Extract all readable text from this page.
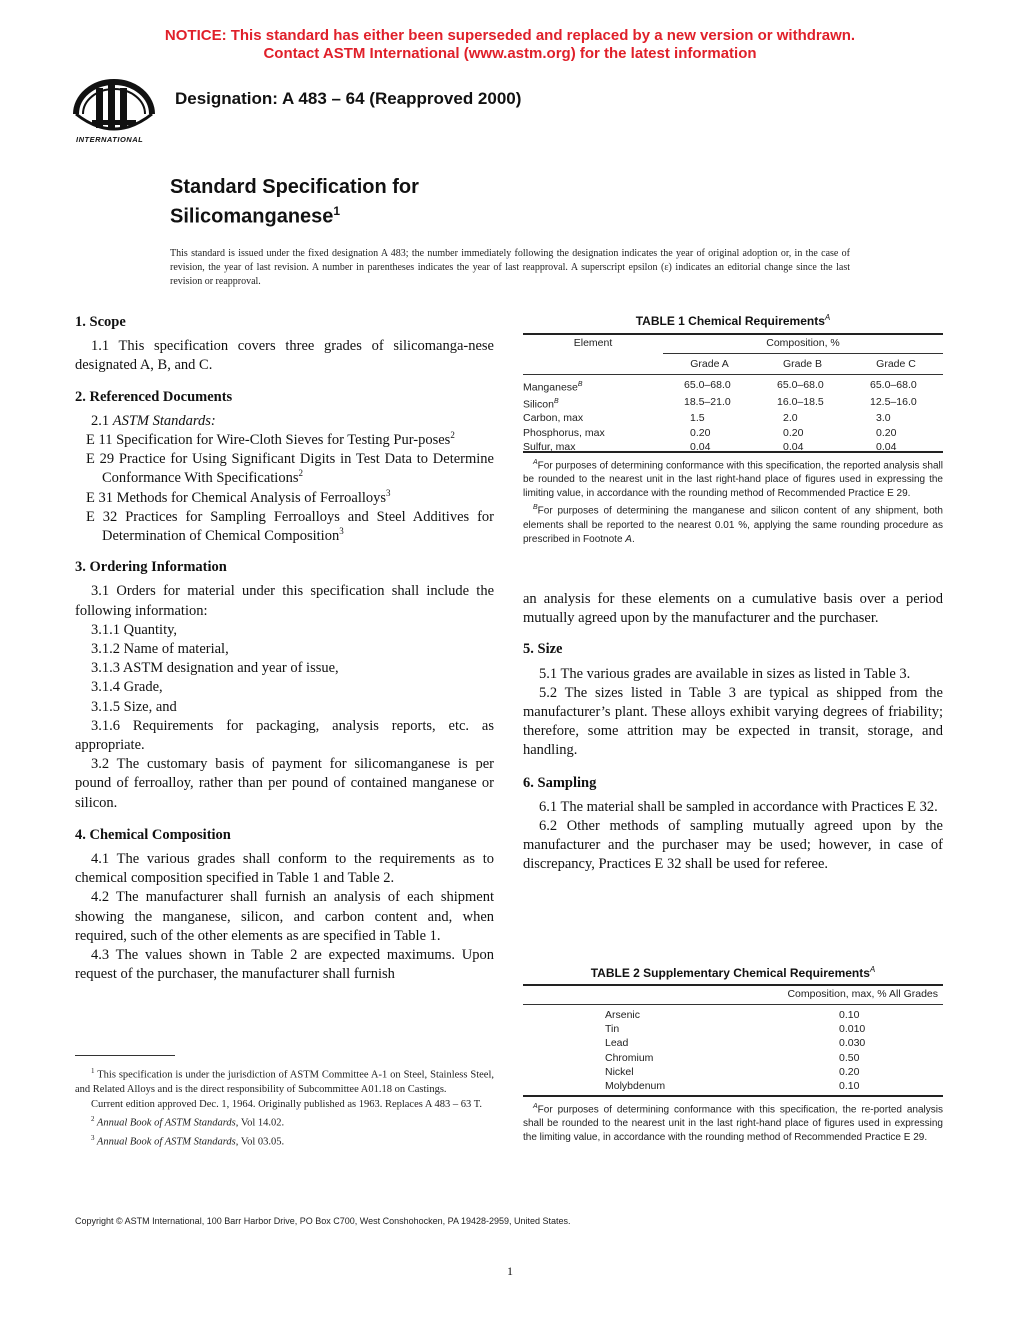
NOTICE: This standard has either been superseded and replaced by a new version or withdrawn.
Contact ASTM International (www.astm.org) for the latest information
INTERNATIONAL
Designation: A 483 – 64 (Reapproved 2000)
Standard Specification for
Silicomanganese$^1$
This standard is issued under the fixed designation A 483; the number immediately following the designation indicates the year of original adoption or, in the case of revision, the year of last revision. A number in parentheses indicates the year of last reapproval. A superscript epsilon (ε) indicates an editorial change since the last revision or reapproval.

1. Scope

1.1 This specification covers three grades of silicomanga-nese designated A, B, and C.

2. Referenced Documents

2.1 ASTM Standards:

E 11 Specification for Wire-Cloth Sieves for Testing Pur-poses$^2$

E 29 Practice for Using Significant Digits in Test Data to Determine Conformance With Specifications$^2$

E 31 Methods for Chemical Analysis of Ferroalloys$^3$

E 32 Practices for Sampling Ferroalloys and Steel Additives for Determination of Chemical Composition$^3$

3. Ordering Information

3.1 Orders for material under this specification shall include the following information:

3.1.1 Quantity,

3.1.2 Name of material,

3.1.3 ASTM designation and year of issue,

3.1.4 Grade,

3.1.5 Size, and

3.1.6 Requirements for packaging, analysis reports, etc. as appropriate.

3.2 The customary basis of payment for silicomanganese is per pound of ferroalloy, rather than per pound of contained manganese or silicon.

4. Chemical Composition

4.1 The various grades shall conform to the requirements as to chemical composition specified in Table 1 and Table 2.

4.2 The manufacturer shall furnish an analysis of each shipment showing the manganese, silicon, and carbon content and, when required, such of the other elements as are specified in Table 1.

4.3 The values shown in Table 2 are expected maximums. Upon request of the purchaser, the manufacturer shall furnish

$^1$ This specification is under the jurisdiction of ASTM Committee A-1 on Steel, Stainless Steel, and Related Alloys and is the direct responsibility of Subcommittee A01.18 on Castings.

Current edition approved Dec. 1, 1964. Originally published as 1963. Replaces A 483 – 63 T.

$^2$ Annual Book of ASTM Standards, Vol 14.02.

$^3$ Annual Book of ASTM Standards, Vol 03.05.

TABLE 1 Chemical Requirements$^A$
Element	Composition, %
Grade A	Grade B	Grade C
Manganese$^B$	65.0–68.0	65.0–68.0	65.0–68.0
Silicon$^B$	18.5–21.0	16.0–18.5	12.5–16.0
Carbon, max	1.5	2.0	3.0
Phosphorus, max	0.20	0.20	0.20
Sulfur, max	0.04	0.04	0.04
$^A$For purposes of determining conformance with this specification, the reported analysis shall be rounded to the nearest unit in the last right-hand place of figures used in expressing the limiting value, in accordance with the rounding method of Recommended Practice E 29.
$^B$For purposes of determining the manganese and silicon content of any shipment, both elements shall be reported to the nearest 0.01 %, applying the same rounding procedure as prescribed in Footnote A.

an analysis for these elements on a cumulative basis over a period mutually agreed upon by the manufacturer and the purchaser.

5. Size

5.1 The various grades are available in sizes as listed in Table 3.

5.2 The sizes listed in Table 3 are typical as shipped from the manufacturer’s plant. These alloys exhibit varying degrees of friability; therefore, some attrition may be expected in transit, storage, and handling.

6. Sampling

6.1 The material shall be sampled in accordance with Practices E 32.

6.2 Other methods of sampling mutually agreed upon by the manufacturer and the purchaser may be used; however, in case of discrepancy, Practices E 32 shall be used for referee.

TABLE 2 Supplementary Chemical Requirements$^A$
Composition, max, % All Grades
Arsenic	0.10
Tin	0.010
Lead	0.030
Chromium	0.50
Nickel	0.20
Molybdenum	0.10
$^A$For purposes of determining conformance with this specification, the re-ported analysis shall be rounded to the nearest unit in the last right-hand place of figures used in expressing the limiting value, in accordance with the rounding method of Recommended Practice E 29.
Copyright © ASTM International, 100 Barr Harbor Drive, PO Box C700, West Conshohocken, PA 19428-2959, United States.
1
